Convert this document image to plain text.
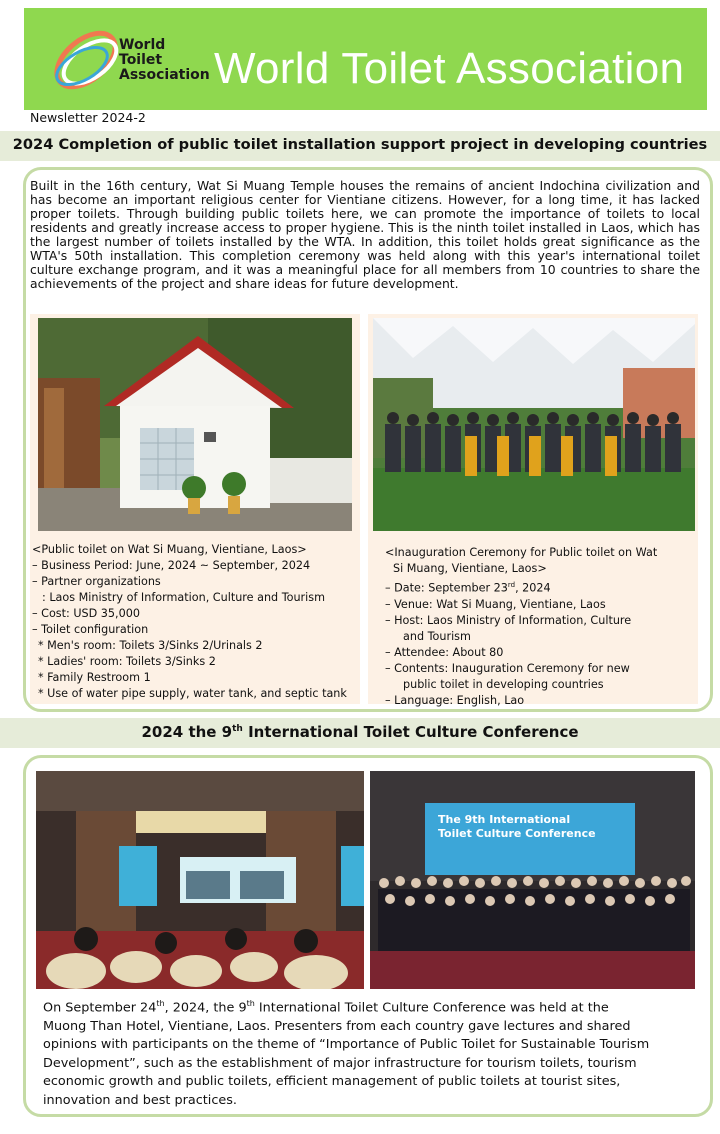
World
Toilet
Association World Toilet Association
Newsletter 2024-2
2024 Completion of public toilet installation support project in developing countries
Built in the 16th century, Wat Si Muang Temple houses the remains of ancient Indochina civilization and has become an important religious center for Vientiane citizens. However, for a long time, it has lacked proper toilets. Through building public toilets here, we can promote the importance of toilets to local residents and greatly increase access to proper hygiene. This is the ninth toilet installed in Laos, which has the largest number of toilets installed by the WTA. In addition, this toilet holds great significance as the WTA's 50th installation. This completion ceremony was held along with this year's international toilet culture exchange program, and it was a meaningful place for all members from 10 countries to share the achievements of the project and share ideas for future development.
<Public toilet on Wat Si Muang, Vientiane, Laos>
– Business Period: June, 2024 ~ September, 2024
– Partner organizations
: Laos Ministry of Information, Culture and Tourism
– Cost: USD 35,000
– Toilet configuration
* Men's room: Toilets 3/Sinks 2/Urinals 2
* Ladies' room: Toilets 3/Sinks 2
* Family Restroom 1
* Use of water pipe supply, water tank, and septic tank
<Inauguration Ceremony for Public toilet on Wat
Si Muang, Vientiane, Laos>
– Date: September 23rd, 2024
– Venue: Wat Si Muang, Vientiane, Laos
– Host: Laos Ministry of Information, Culture
and Tourism
– Attendee: About 80
– Contents: Inauguration Ceremony for new
public toilet in developing countries
– Language: English, Lao
2024 the 9th International Toilet Culture Conference
The 9th International
Toilet Culture Conference
On September 24th, 2024, the 9th International Toilet Culture Conference was held at the
Muong Than Hotel, Vientiane, Laos. Presenters from each country gave lectures and shared opinions with participants on the theme of “Importance of Public Toilet for Sustainable Tourism Development”, such as the establishment of major infrastructure for tourism toilets, tourism economic growth and public toilets, efficient management of public toilets at tourist sites, innovation and best practices.
